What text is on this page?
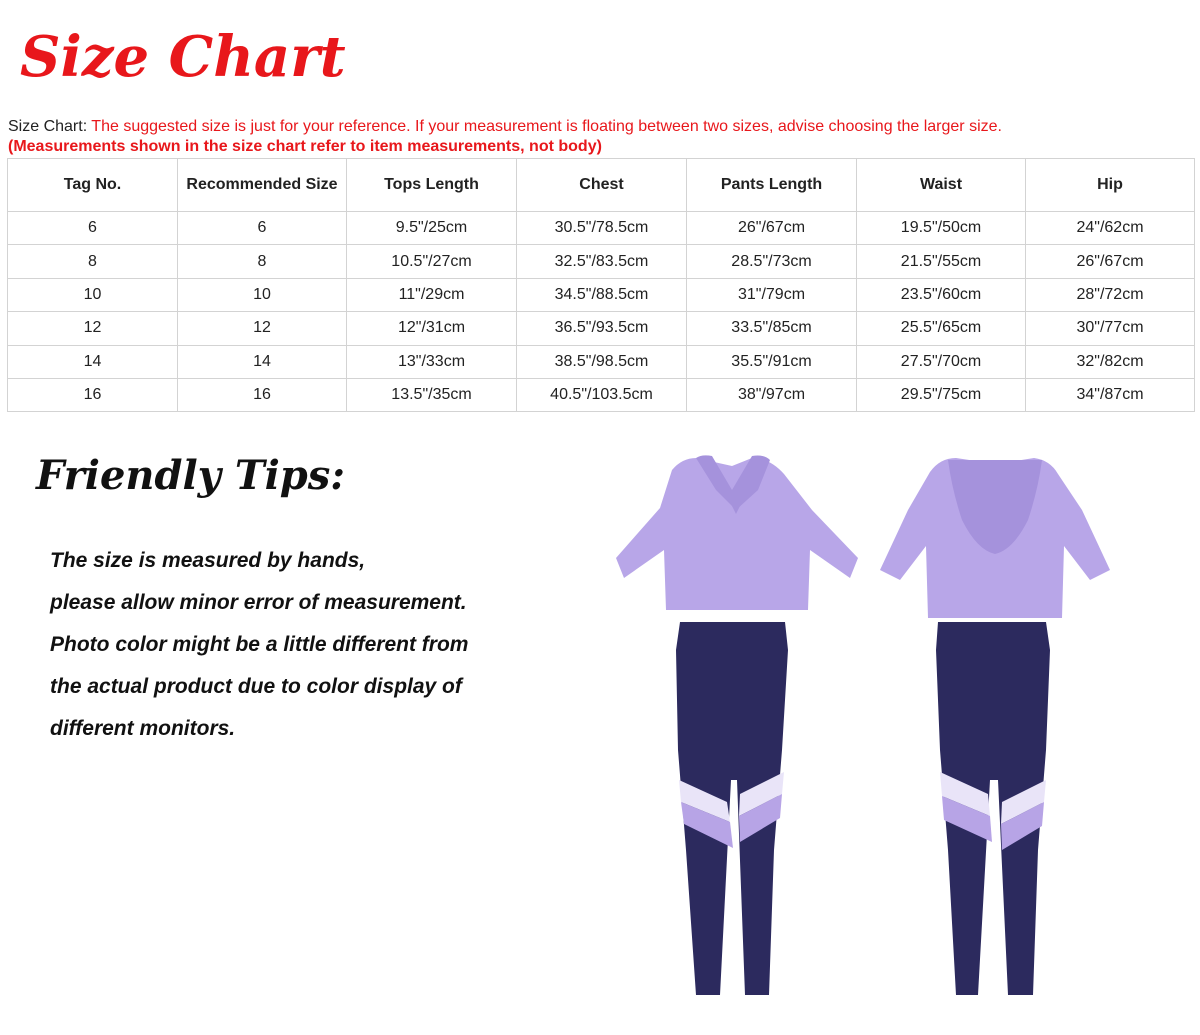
Size Chart
Size Chart: The suggested size is just for your reference. If your measurement is floating between two sizes, advise choosing the larger size.
(Measurements shown in the size chart refer to item measurements, not body)
Tag No.	Recommended Size	Tops Length	Chest	Pants Length	Waist	Hip
6	6	9.5"/25cm	30.5"/78.5cm	26"/67cm	19.5"/50cm	24"/62cm
8	8	10.5"/27cm	32.5"/83.5cm	28.5"/73cm	21.5"/55cm	26"/67cm
10	10	11"/29cm	34.5"/88.5cm	31"/79cm	23.5"/60cm	28"/72cm
12	12	12"/31cm	36.5"/93.5cm	33.5"/85cm	25.5"/65cm	30"/77cm
14	14	13"/33cm	38.5"/98.5cm	35.5"/91cm	27.5"/70cm	32"/82cm
16	16	13.5"/35cm	40.5"/103.5cm	38"/97cm	29.5"/75cm	34"/87cm
Friendly Tips:

The size is measured by hands,

please allow minor error of measurement.

Photo color might be a little different from

the actual product due to color display of

different monitors.
